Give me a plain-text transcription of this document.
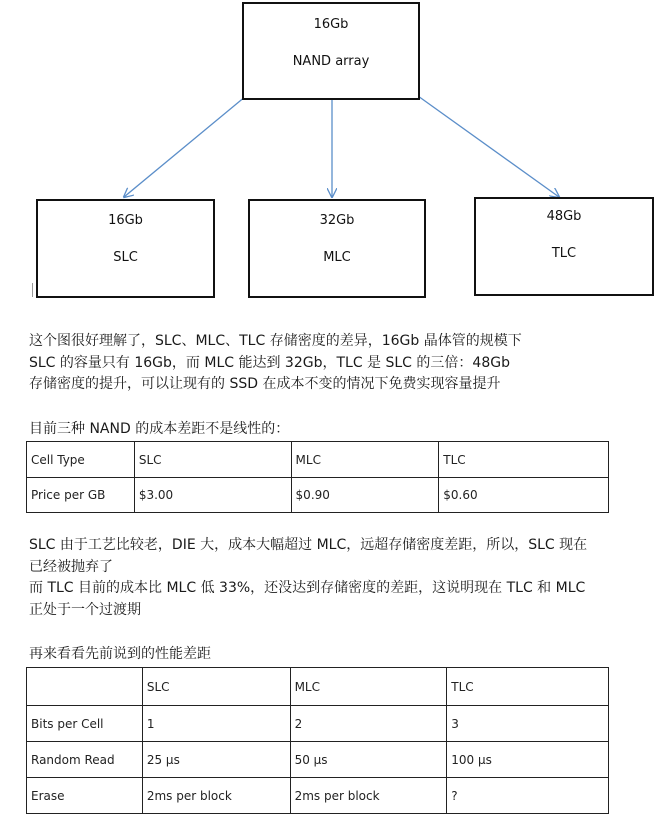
16Gb
NAND array
16Gb
SLC
32Gb
MLC
48Gb
TLC
这个图很好理解了，SLC、MLC、TLC 存储密度的差异，16Gb 晶体管的规模下
SLC 的容量只有 16Gb，而 MLC 能达到 32Gb，TLC 是 SLC 的三倍：48Gb
存储密度的提升，可以让现有的 SSD 在成本不变的情况下免费实现容量提升
目前三种 NAND 的成本差距不是线性的：
Cell Type	SLC	MLC	TLC
Price per GB	$3.00	$0.90	$0.60
SLC 由于工艺比较老，DIE 大，成本大幅超过 MLC，远超存储密度差距，所以，SLC 现在
已经被抛弃了
而 TLC 目前的成本比 MLC 低 33%，还没达到存储密度的差距，这说明现在 TLC 和 MLC
正处于一个过渡期
再来看看先前说到的性能差距
	SLC	MLC	TLC
Bits per Cell	1	2	3
Random Read	25 µs	50 µs	100 µs
Erase	2ms per block	2ms per block	?
